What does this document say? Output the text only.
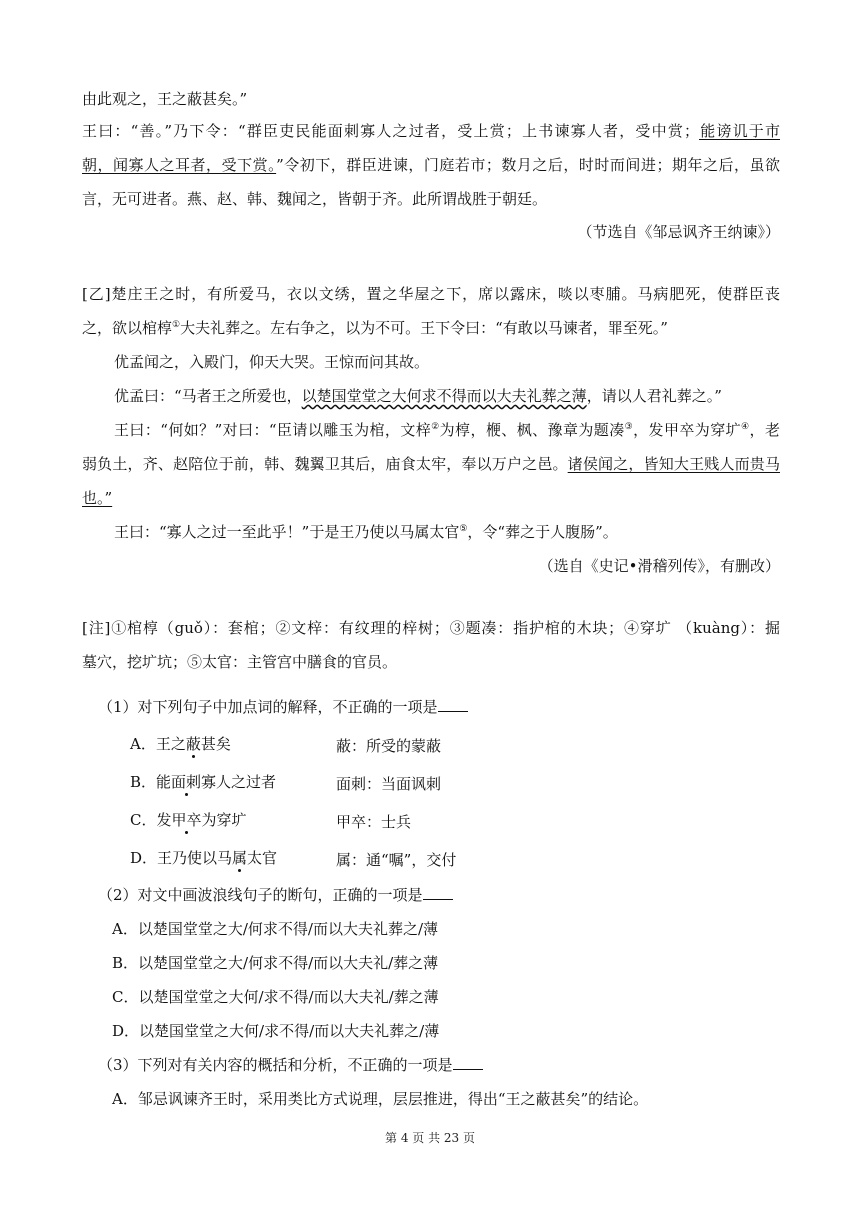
由此观之，王之蔽甚矣。”
王曰：“善。”乃下令：“群臣吏民能面刺寡人之过者，受上赏；上书谏寡人者，受中赏；能谤讥于市
朝，闻寡人之耳者，受下赏。”令初下，群臣进谏，门庭若市；数月之后，时时而间进；期年之后，虽欲
言，无可进者。燕、赵、韩、魏闻之，皆朝于齐。此所谓战胜于朝廷。
（节选自《邹忌讽齐王纳谏》）
[乙]楚庄王之时，有所爱马，衣以文绣，置之华屋之下，席以露床，啖以枣脯。马病肥死，使群臣丧
之，欲以棺椁①大夫礼葬之。左右争之，以为不可。王下令曰：“有敢以马谏者，罪至死。”
优孟闻之，入殿门，仰天大哭。王惊而问其故。
优孟曰：“马者王之所爱也，以楚国堂堂之大何求不得而以大夫礼葬之薄，请以人君礼葬之。”
王曰：“何如？”对曰：“臣请以雕玉为棺，文梓②为椁，楩、枫、豫章为题凑③，发甲卒为穿圹④，老
弱负土，齐、赵陪位于前，韩、魏翼卫其后，庙食太牢，奉以万户之邑。诸侯闻之，皆知大王贱人而贵马
也。”
王曰：“寡人之过一至此乎！”于是王乃使以马属太官⑤，令“葬之于人腹肠”。
（选自《史记•滑稽列传》，有删改）
[注]①棺椁（guǒ）：套棺；②文梓：有纹理的梓树；③题凑：指护棺的木块；④穿圹 （kuàng）：掘
墓穴，挖圹坑；⑤太官：主管宫中膳食的官员。
（1）对下列句子中加点词的解释，不正确的一项是
A．王之蔽甚矣	蔽：所受的蒙蔽
B．能面刺寡人之过者	面刺：当面讽刺
C．发甲卒为穿圹	甲卒：士兵
D．王乃使以马属太官	属：通“嘱”，交付
（2）对文中画波浪线句子的断句，正确的一项是
A．以楚国堂堂之大/何求不得/而以大夫礼葬之/薄
B．以楚国堂堂之大/何求不得/而以大夫礼/葬之薄
C．以楚国堂堂之大何/求不得/而以大夫礼/葬之薄
D．以楚国堂堂之大何/求不得/而以大夫礼葬之/薄
（3）下列对有关内容的概括和分析，不正确的一项是
A．邹忌讽谏齐王时，采用类比方式说理，层层推进，得出“王之蔽甚矣”的结论。
第 4 页 共 23 页
